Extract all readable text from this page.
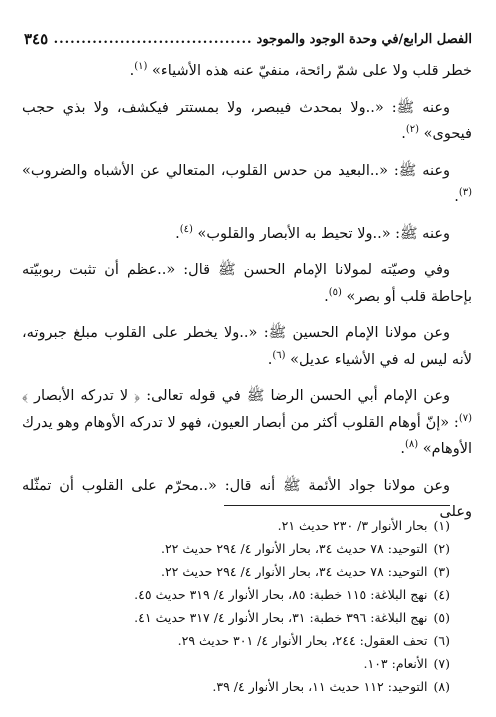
الفصل الرابع/في وحدة الوجود والموجود
.....
٣٤٥

خطر قلب ولا على شمّ رائحة، منفيّ عنه هذه الأشياء» $^{(١)}$.

وعنه ﷺ: «..ولا بمحدث فيبصر، ولا بمستتر فيكشف، ولا بذي حجب فيحوى» $^{(٢)}$.

وعنه ﷺ: «..البعيد من حدس القلوب، المتعالي عن الأشباه والضروب» $^{(٣)}$.

وعنه ﷺ: «..ولا تحيط به الأبصار والقلوب» $^{(٤)}$.

وفي وصيّته لمولانا الإمام الحسن ﷺ قال: «..عظم أن تثبت ربوبيّته بإحاطة قلب أو بصر» $^{(٥)}$.

وعن مولانا الإمام الحسين ﷺ: «..ولا يخطر على القلوب مبلغ جبروته، لأنه ليس له في الأشياء عديل» $^{(٦)}$.

وعن الإمام أبي الحسن الرضا ﷺ في قوله تعالى: ﴿ لا تدركه الأبصار ﴾ $^{(٧)}$: «إنّ أوهام القلوب أكثر من أبصار العيون، فهو لا تدركه الأوهام وهو يدرك الأوهام» $^{(٨)}$.

وعن مولانا جواد الأئمة ﷺ أنه قال: «..محرّم على القلوب أن تمثّله وعلى

(١)بحار الأنوار ٣/ ٢٣٠ حديث ٢١.
(٢)التوحيد: ٧٨ حديث ٣٤، بحار الأنوار ٤/ ٢٩٤ حديث ٢٢.
(٣)التوحيد: ٧٨ حديث ٣٤، بحار الأنوار ٤/ ٢٩٤ حديث ٢٢.
(٤)نهج البلاغة: ١١٥ خطبة: ٨٥، بحار الأنوار ٤/ ٣١٩ حديث ٤٥.
(٥)نهج البلاغة: ٣٩٦ خطبة: ٣١، بحار الأنوار ٤/ ٣١٧ حديث ٤١.
(٦)تحف العقول: ٢٤٤، بحار الأنوار ٤/ ٣٠١ حديث ٢٩.
(٧)الأنعام: ١٠٣.
(٨)التوحيد: ١١٢ حديث ١١، بحار الأنوار ٤/ ٣٩.
